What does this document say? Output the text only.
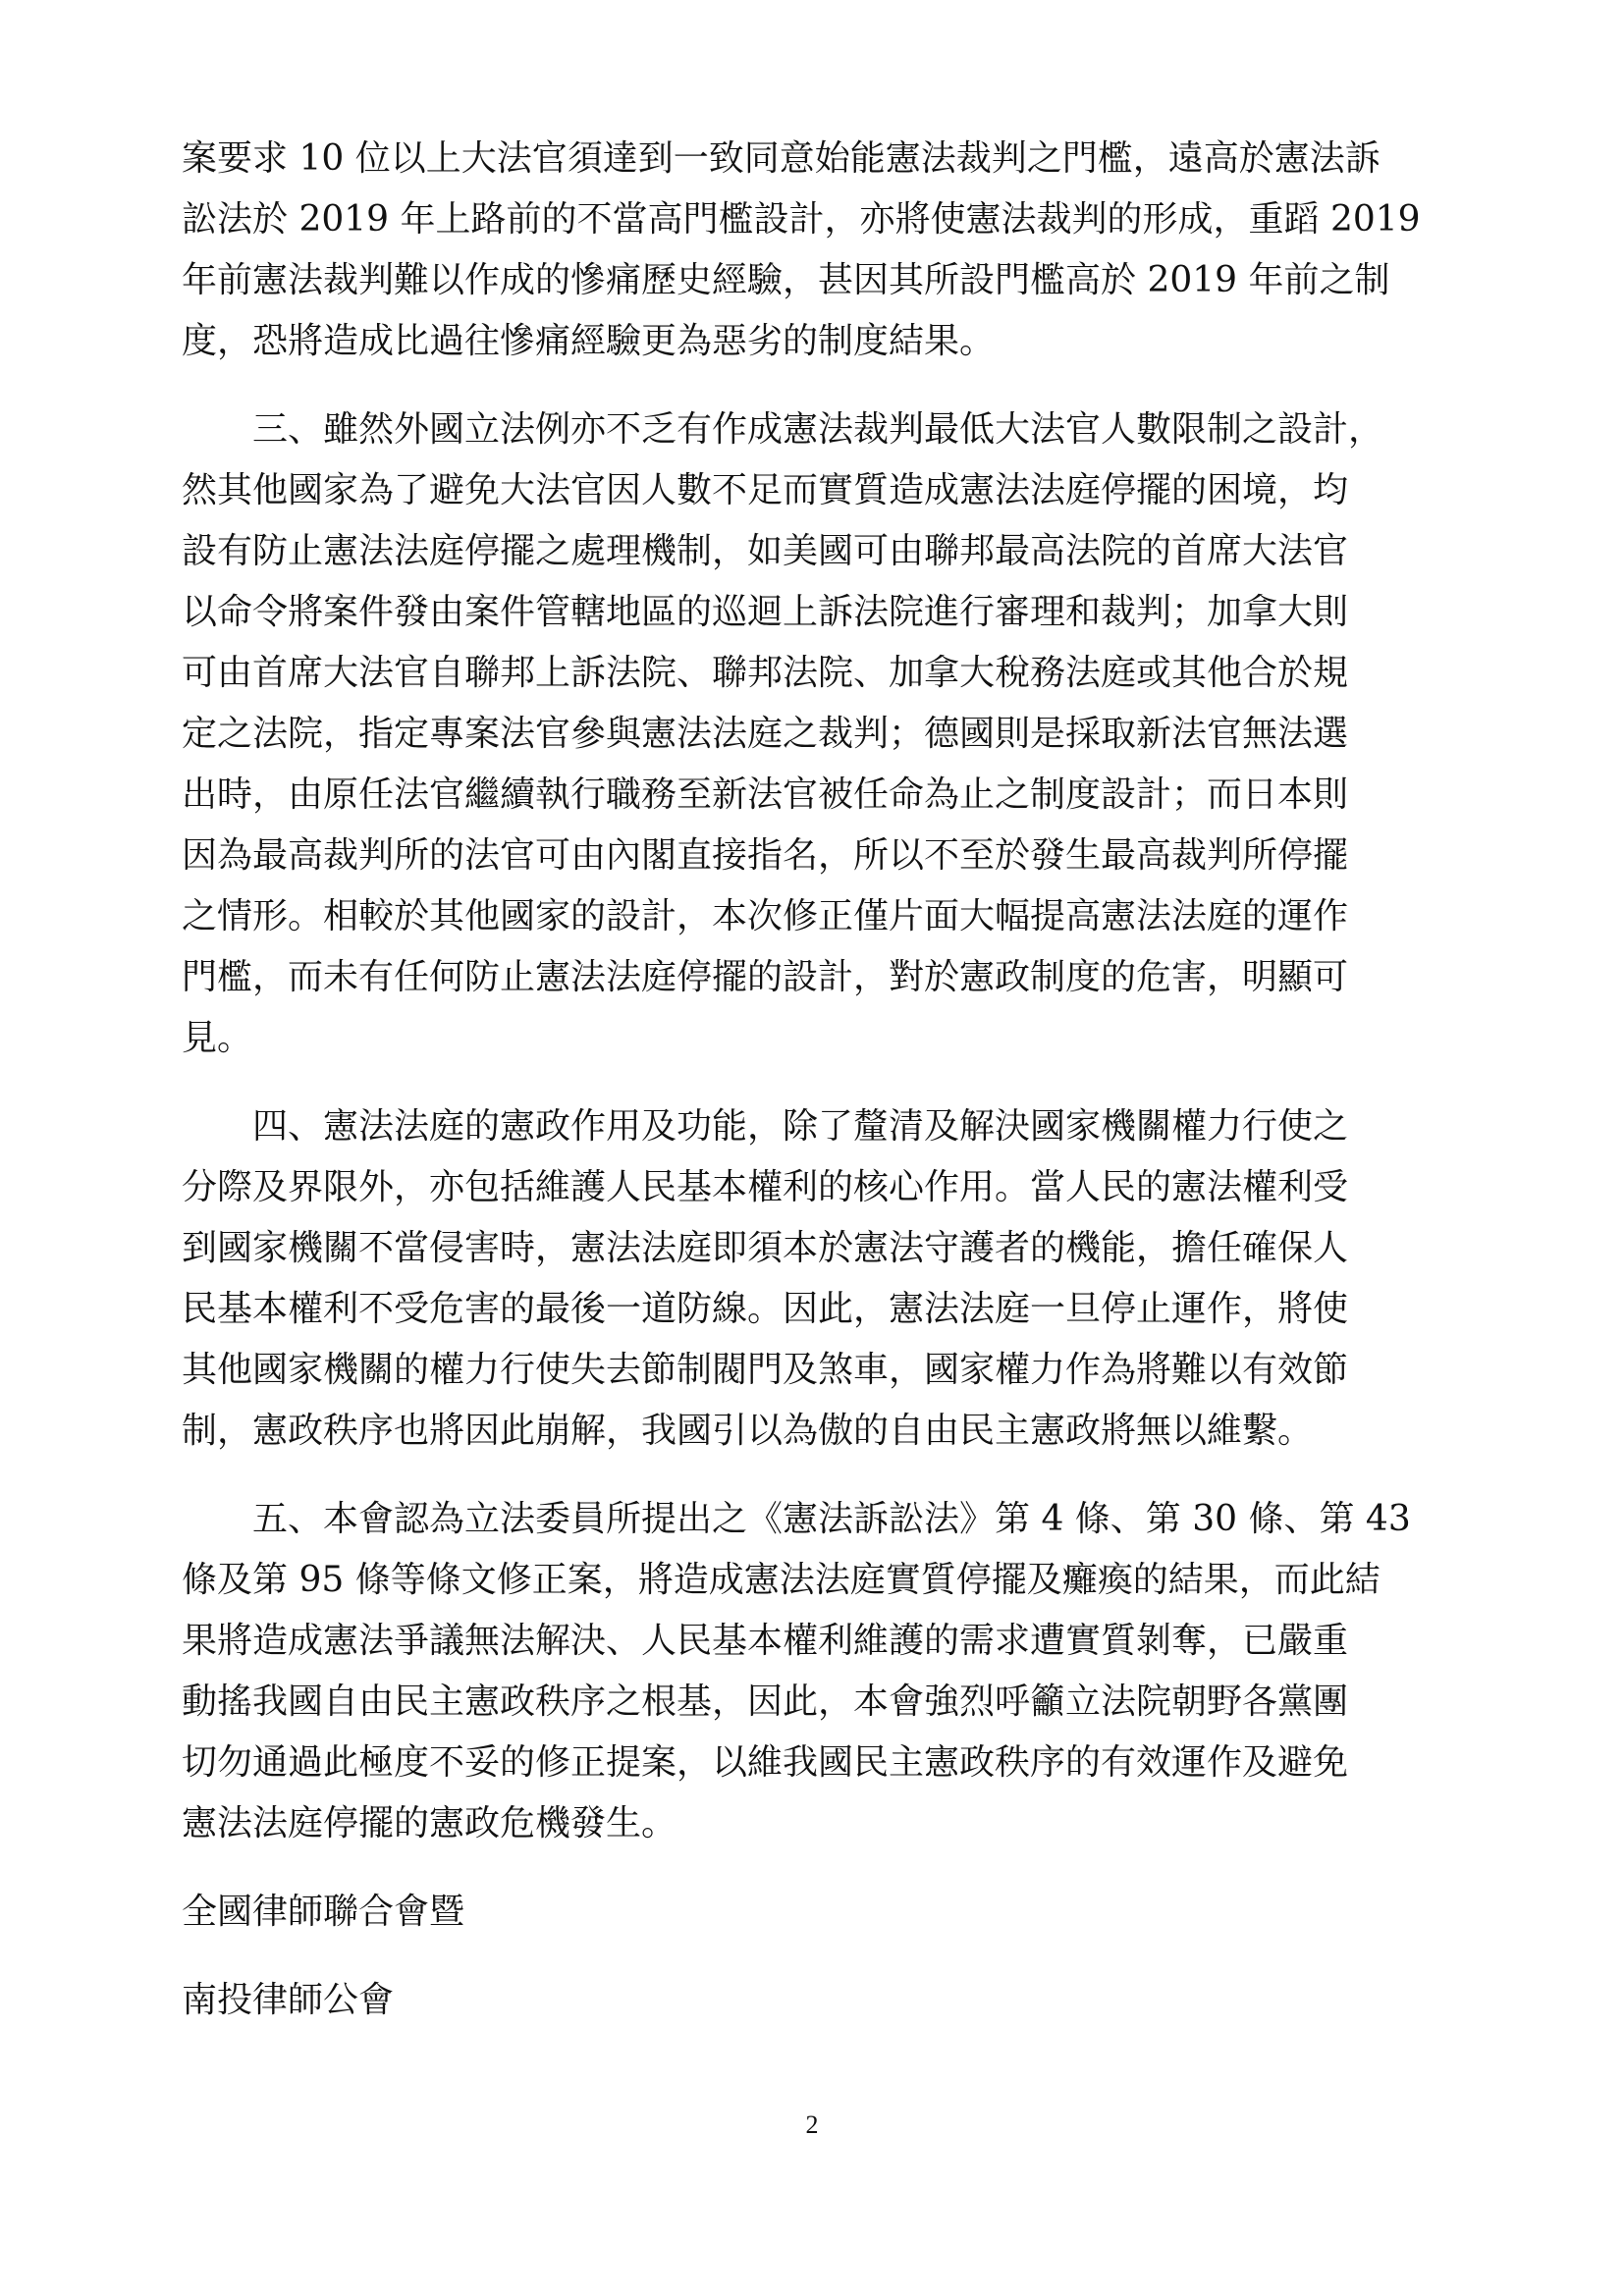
案要求 10 位以上大法官須達到一致同意始能憲法裁判之門檻，遠高於憲法訴
訟法於 2019 年上路前的不當高門檻設計，亦將使憲法裁判的形成，重蹈 2019
年前憲法裁判難以作成的慘痛歷史經驗，甚因其所設門檻高於 2019 年前之制
度，恐將造成比過往慘痛經驗更為惡劣的制度結果。
　　三、雖然外國立法例亦不乏有作成憲法裁判最低大法官人數限制之設計，
然其他國家為了避免大法官因人數不足而實質造成憲法法庭停擺的困境，均
設有防止憲法法庭停擺之處理機制，如美國可由聯邦最高法院的首席大法官
以命令將案件發由案件管轄地區的巡迴上訴法院進行審理和裁判；加拿大則
可由首席大法官自聯邦上訴法院、聯邦法院、加拿大稅務法庭或其他合於規
定之法院，指定專案法官參與憲法法庭之裁判；德國則是採取新法官無法選
出時，由原任法官繼續執行職務至新法官被任命為止之制度設計；而日本則
因為最高裁判所的法官可由內閣直接指名，所以不至於發生最高裁判所停擺
之情形。相較於其他國家的設計，本次修正僅片面大幅提高憲法法庭的運作
門檻，而未有任何防止憲法法庭停擺的設計，對於憲政制度的危害，明顯可
見。
　　四、憲法法庭的憲政作用及功能，除了釐清及解決國家機關權力行使之
分際及界限外，亦包括維護人民基本權利的核心作用。當人民的憲法權利受
到國家機關不當侵害時，憲法法庭即須本於憲法守護者的機能，擔任確保人
民基本權利不受危害的最後一道防線。因此，憲法法庭一旦停止運作，將使
其他國家機關的權力行使失去節制閥門及煞車，國家權力作為將難以有效節
制，憲政秩序也將因此崩解，我國引以為傲的自由民主憲政將無以維繫。
　　五、本會認為立法委員所提出之《憲法訴訟法》第 4 條、第 30 條、第 43
條及第 95 條等條文修正案，將造成憲法法庭實質停擺及癱瘓的結果，而此結
果將造成憲法爭議無法解決、人民基本權利維護的需求遭實質剝奪，已嚴重
動搖我國自由民主憲政秩序之根基，因此，本會強烈呼籲立法院朝野各黨團
切勿通過此極度不妥的修正提案，以維我國民主憲政秩序的有效運作及避免
憲法法庭停擺的憲政危機發生。
全國律師聯合會暨
南投律師公會
2
